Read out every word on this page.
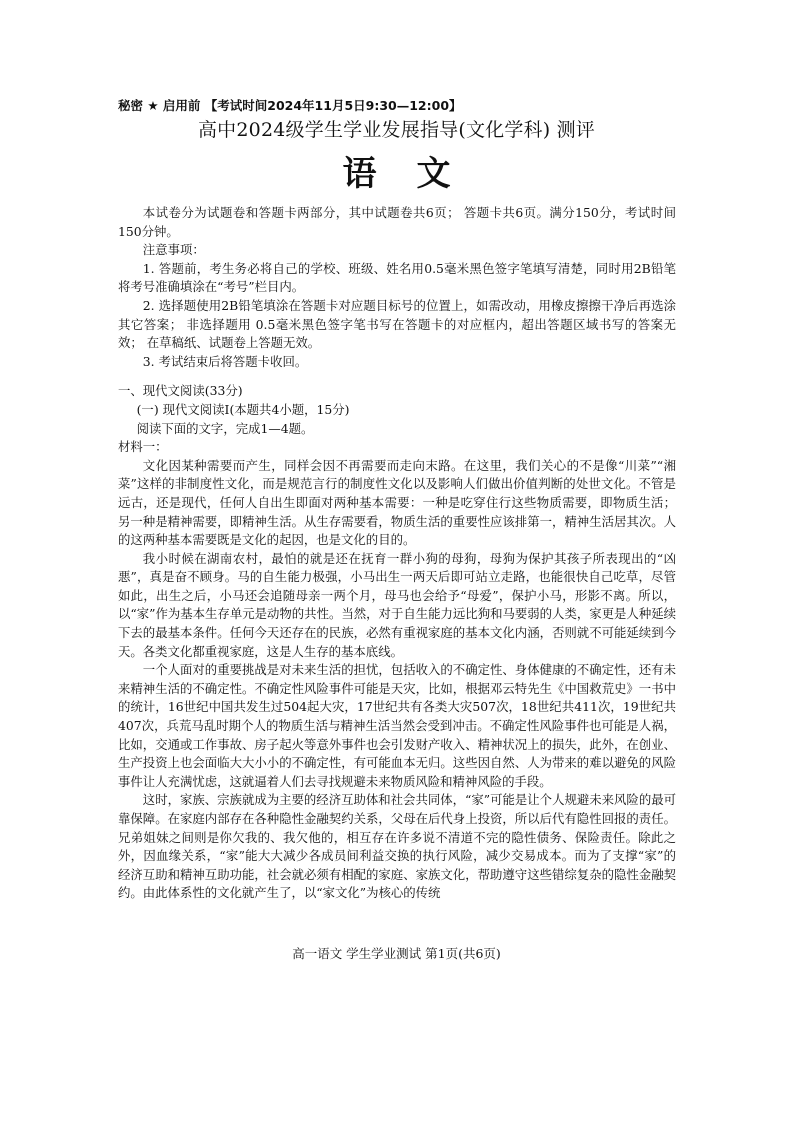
秘密 ★ 启用前 【考试时间2024年11月5日9:30—12:00】
高中2024级学生学业发展指导(文化学科) 测评
语文

本试卷分为试题卷和答题卡两部分，其中试题卷共6页； 答题卡共6页。满分150分，考试时间150分钟。

注意事项：

1. 答题前，考生务必将自己的学校、班级、姓名用0.5毫米黑色签字笔填写清楚，同时用2B铅笔将考号准确填涂在“考号”栏目内。

2. 选择题使用2B铅笔填涂在答题卡对应题目标号的位置上，如需改动，用橡皮擦擦干净后再选涂其它答案； 非选择题用 0.5毫米黑色签字笔书写在答题卡的对应框内，超出答题区域书写的答案无效； 在草稿纸、试题卷上答题无效。

3. 考试结束后将答题卡收回。

一、现代文阅读(33分)

(一) 现代文阅读Ⅰ(本题共4小题，15分)

阅读下面的文字，完成1—4题。

材料一：

文化因某种需要而产生，同样会因不再需要而走向末路。在这里，我们关心的不是像“川菜”“湘菜”这样的非制度性文化，而是规范言行的制度性文化以及影响人们做出价值判断的处世文化。不管是远古，还是现代，任何人自出生即面对两种基本需要：一种是吃穿住行这些物质需要，即物质生活； 另一种是精神需要，即精神生活。从生存需要看，物质生活的重要性应该排第一，精神生活居其次。人的这两种基本需要既是文化的起因，也是文化的目的。

我小时候在湖南农村，最怕的就是还在抚育一群小狗的母狗，母狗为保护其孩子所表现出的“凶悪”，真是奋不顾身。马的自生能力极强，小马出生一两天后即可站立走路，也能很快自己吃草，尽管如此，出生之后，小马还会追随母亲一两个月，母马也会给予“母爱”，保护小马，形影不离。所以，以“家”作为基本生存单元是动物的共性。当然，对于自生能力远比狗和马要弱的人类，家更是人种延续下去的最基本条件。任何今天还存在的民族，必然有重视家庭的基本文化内涵，否则就不可能延续到今天。各类文化都重视家庭，这是人生存的基本底线。

一个人面对的重要挑战是对未来生活的担忧，包括收入的不确定性、身体健康的不确定性，还有未来精神生活的不确定性。不确定性风险事件可能是天灾，比如，根据邓云特先生《中国救荒史》一书中的统计，16世纪中国共发生过504起大灾，17世纪共有各类大灾507次，18世纪共411次，19世纪共407次，兵荒马乱时期个人的物质生活与精神生活当然会受到冲击。不确定性风险事件也可能是人祸，比如，交通或工作事故、房子起火等意外事件也会引发财产收入、精神状况上的损失，此外，在创业、生产投资上也会面临大大小小的不确定性，有可能血本无归。这些因自然、人为带来的难以避免的风险事件让人充满忧虑，这就逼着人们去寻找规避未来物质风险和精神风险的手段。

这时，家族、宗族就成为主要的经济互助体和社会共同体，“家”可能是让个人规避未来风险的最可靠保障。在家庭内部存在各种隐性金融契约关系，父母在后代身上投资，所以后代有隐性回报的责任。兄弟姐妹之间则是你欠我的、我欠他的，相互存在许多说不清道不完的隐性债务、保险责任。除此之外，因血缘关系，“家”能大大减少各成员间利益交换的执行风险，减少交易成本。而为了支撑“家”的经济互助和精神互助功能，社会就必须有相配的家庭、家族文化，帮助遵守这些错综复杂的隐性金融契约。由此体系性的文化就产生了，以“家文化”为核心的传统

高一语文 学生学业测试 第1页(共6页)
